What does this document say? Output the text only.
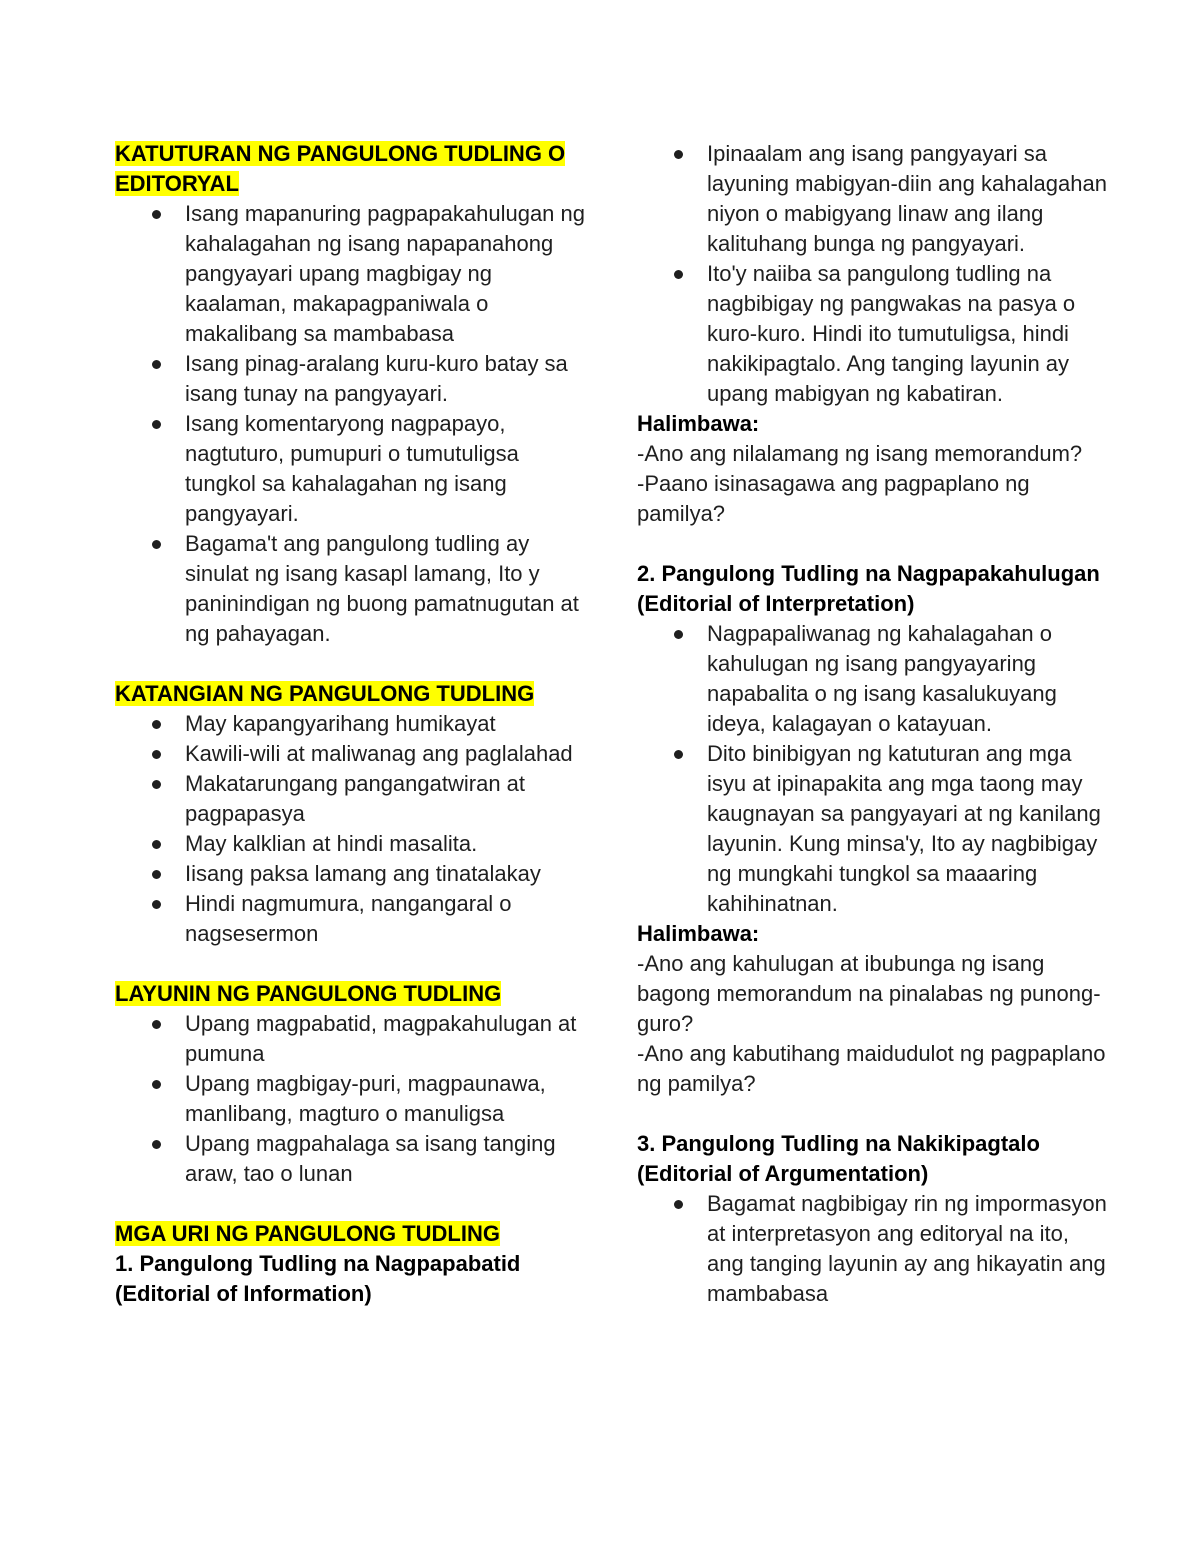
KATUTURAN NG PANGULONG TUDLING O EDITORYAL

Isang mapanuring pagpapakahulugan ng kahalagahan ng isang napapanahong pangyayari upang magbigay ng kaalaman, makapagpaniwala o makalibang sa mambabasa
Isang pinag-aralang kuru-kuro batay sa isang tunay na pangyayari.
Isang komentaryong nagpapayo, nagtuturo, pumupuri o tumutuligsa tungkol sa kahalagahan ng isang pangyayari.
Bagama't ang pangulong tudling ay sinulat ng isang kasapl lamang, Ito y paninindigan ng buong pamatnugutan at ng pahayagan.

KATANGIAN NG PANGULONG TUDLING

May kapangyarihang humikayat
Kawili-wili at maliwanag ang paglalahad
Makatarungang pangangatwiran at pagpapasya
May kalklian at hindi masalita.
Iisang paksa lamang ang tinatalakay
Hindi nagmumura, nangangaral o nagsesermon

LAYUNIN NG PANGULONG TUDLING

Upang magpabatid, magpakahulugan at pumuna
Upang magbigay-puri, magpaunawa, manlibang, magturo o manuligsa
Upang magpahalaga sa isang tanging araw, tao o lunan

MGA URI NG PANGULONG TUDLING

1. Pangulong Tudling na Nagpapabatid (Editorial of Information)

Ipinaalam ang isang pangyayari sa layuning mabigyan-diin ang kahalagahan niyon o mabigyang linaw ang ilang kalituhang bunga ng pangyayari.
Ito'y naiiba sa pangulong tudling na nagbibigay ng pangwakas na pasya o kuro-kuro. Hindi ito tumutuligsa, hindi nakikipagtalo. Ang tanging layunin ay upang mabigyan ng kabatiran.

Halimbawa:

-Ano ang nilalamang ng isang memorandum?

-Paano isinasagawa ang pagpaplano ng pamilya?

2. Pangulong Tudling na Nagpapakahulugan (Editorial of Interpretation)

Nagpapaliwanag ng kahalagahan o kahulugan ng isang pangyayaring napabalita o ng isang kasalukuyang ideya, kalagayan o katayuan.
Dito binibigyan ng katuturan ang mga isyu at ipinapakita ang mga taong may kaugnayan sa pangyayari at ng kanilang layunin. Kung minsa'y, Ito ay nagbibigay ng mungkahi tungkol sa maaaring kahihinatnan.

Halimbawa:

-Ano ang kahulugan at ibubunga ng isang bagong memorandum na pinalabas ng punong-guro?

-Ano ang kabutihang maidudulot ng pagpaplano ng pamilya?

3. Pangulong Tudling na Nakikipagtalo (Editorial of Argumentation)

Bagamat nagbibigay rin ng impormasyon at interpretasyon ang editoryal na ito, ang tanging layunin ay ang hikayatin ang mambabasa
